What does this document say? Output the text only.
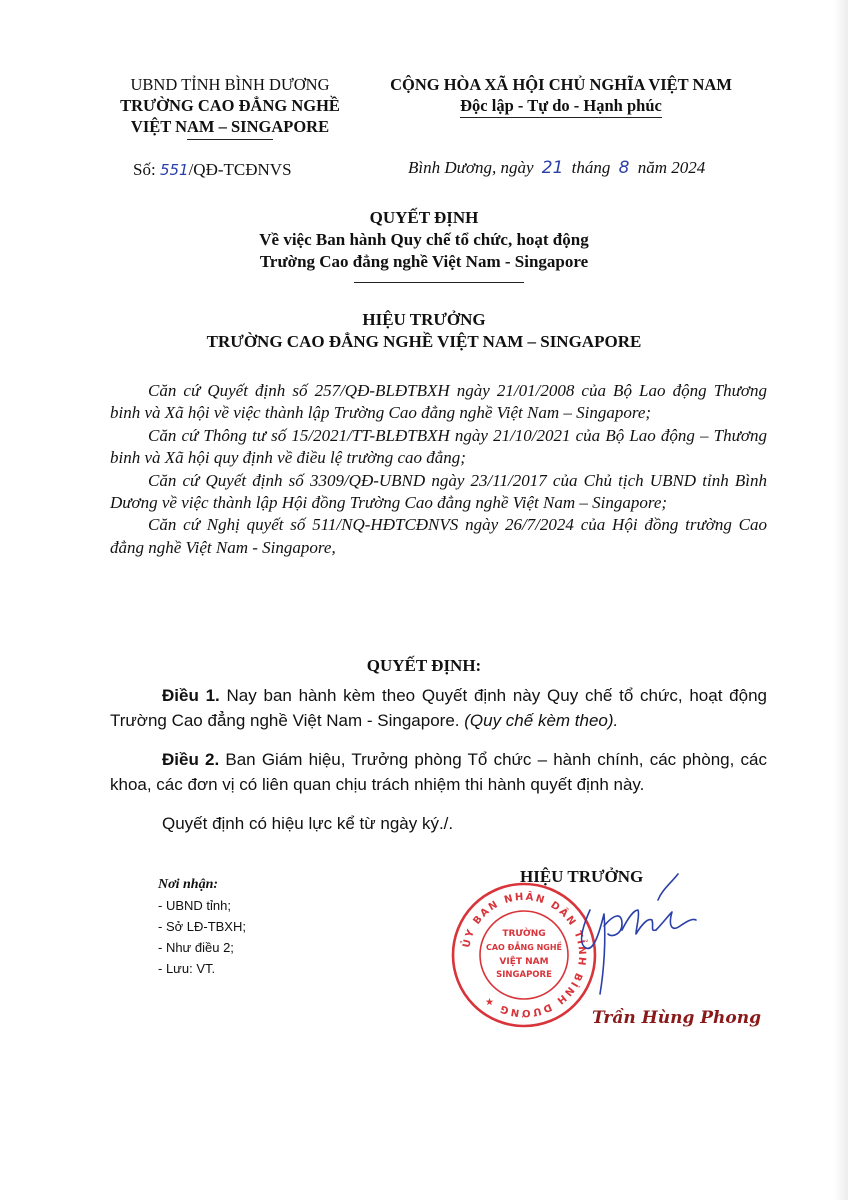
UBND TỈNH BÌNH DƯƠNG
TRƯỜNG CAO ĐẲNG NGHỀ
VIỆT NAM – SINGAPORE
CỘNG HÒA XÃ HỘI CHỦ NGHĨA VIỆT NAM
Độc lập - Tự do - Hạnh phúc
Số: 551/QĐ-TCĐNVS	Bình Dương, ngày 21 tháng 8 năm 2024
QUYẾT ĐỊNH
Về việc Ban hành Quy chế tổ chức, hoạt động
Trường Cao đẳng nghề Việt Nam - Singapore
HIỆU TRƯỞNG
TRƯỜNG CAO ĐẲNG NGHỀ VIỆT NAM – SINGAPORE

Căn cứ Quyết định số 257/QĐ-BLĐTBXH ngày 21/01/2008 của Bộ Lao động Thương binh và Xã hội về việc thành lập Trường Cao đẳng nghề Việt Nam – Singapore;

Căn cứ Thông tư số 15/2021/TT-BLĐTBXH ngày 21/10/2021 của Bộ Lao động – Thương binh và Xã hội quy định về điều lệ trường cao đẳng;

Căn cứ Quyết định số 3309/QĐ-UBND ngày 23/11/2017 của Chủ tịch UBND tỉnh Bình Dương về việc thành lập Hội đồng Trường Cao đẳng nghề Việt Nam – Singapore;

Căn cứ Nghị quyết số 511/NQ-HĐTCĐNVS ngày 26/7/2024 của Hội đồng trường Cao đẳng nghề Việt Nam - Singapore,

QUYẾT ĐỊNH:

Điều 1. Nay ban hành kèm theo Quyết định này Quy chế tổ chức, hoạt động Trường Cao đẳng nghề Việt Nam - Singapore. (Quy chế kèm theo).

Điều 2. Ban Giám hiệu, Trưởng phòng Tổ chức – hành chính, các phòng, các khoa, các đơn vị có liên quan chịu trách nhiệm thi hành quyết định này.

Quyết định có hiệu lực kể từ ngày ký./.

Nơi nhận:
- UBND tỉnh;
- Sở LĐ-TBXH;
- Như điều 2;
- Lưu: VT.
HIỆU TRƯỞNG
ỦY BAN NHÂN DÂN TỈNH BÌNH DƯƠNG ★
TRƯỜNG
CAO ĐẲNG NGHỀ
VIỆT NAM
SINGAPORE
Trần Hùng Phong
